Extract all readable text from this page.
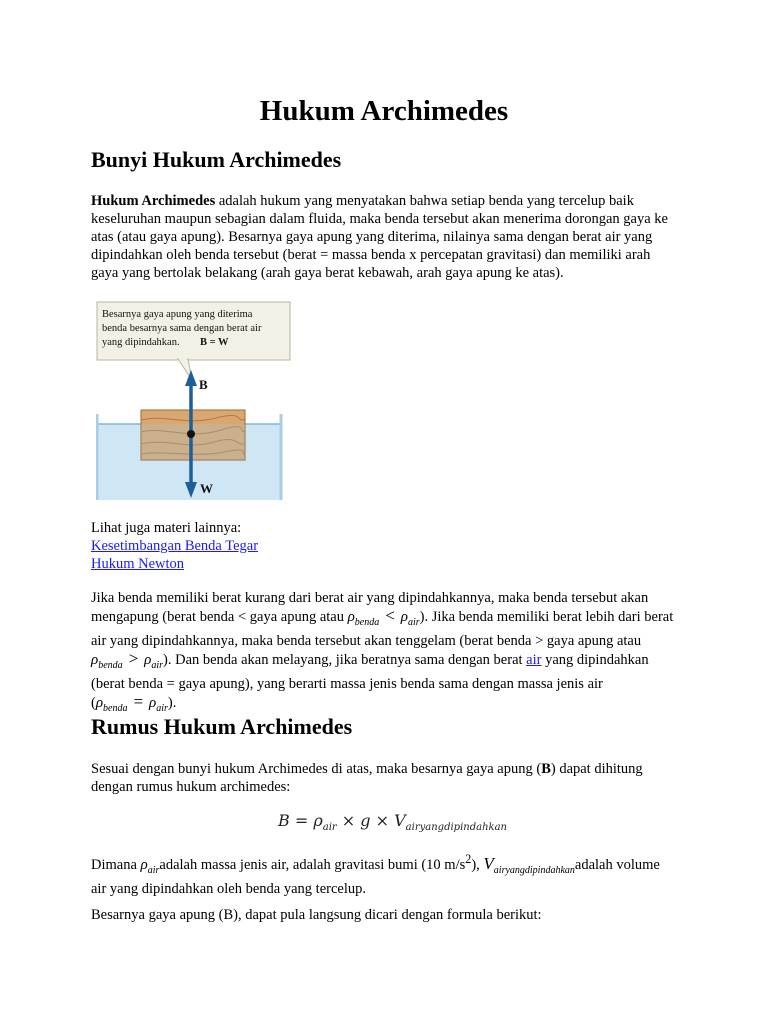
Hukum Archimedes
Bunyi Hukum Archimedes

Hukum Archimedes adalah hukum yang menyatakan bahwa setiap benda yang tercelup baik keseluruhan maupun sebagian dalam fluida, maka benda tersebut akan menerima dorongan gaya ke atas (atau gaya apung). Besarnya gaya apung yang diterima, nilainya sama dengan berat air yang dipindahkan oleh benda tersebut (berat = massa benda x percepatan gravitasi) dan memiliki arah gaya yang bertolak belakang (arah gaya berat kebawah, arah gaya apung ke atas).

Besarnya gaya apung yang diterima
benda besarnya sama dengan berat air
yang dipindahkan. B = W
B
W
Lihat juga materi lainnya:
Kesetimbangan Benda Tegar
Hukum Newton

Jika benda memiliki berat kurang dari berat air yang dipindahkannya, maka benda tersebut akan mengapung (berat benda < gaya apung atau $\rho_{benda} < \rho_{air}$). Jika benda memiliki berat lebih dari berat air yang dipindahkannya, maka benda tersebut akan tenggelam (berat benda > gaya apung atau $\rho_{benda} > \rho_{air}$). Dan benda akan melayang, jika beratnya sama dengan berat air yang dipindahkan (berat benda = gaya apung), yang berarti massa jenis benda sama dengan massa jenis air $(\rho_{benda} = \rho_{air})$.

Rumus Hukum Archimedes

Sesuai dengan bunyi hukum Archimedes di atas, maka besarnya gaya apung (B) dapat dihitung dengan rumus hukum archimedes:

$B = \rho_{air} \times g \times V_{airyangdipindahkan}$

Dimana $\rho_{air}adalah$ massa jenis air, adalah gravitasi bumi (10 $m/s^2$), $V_{airyangdipindahkan}adalah$ volume air yang dipindahkan oleh benda yang tercelup.

Besarnya gaya apung (B), dapat pula langsung dicari dengan formula berikut:
